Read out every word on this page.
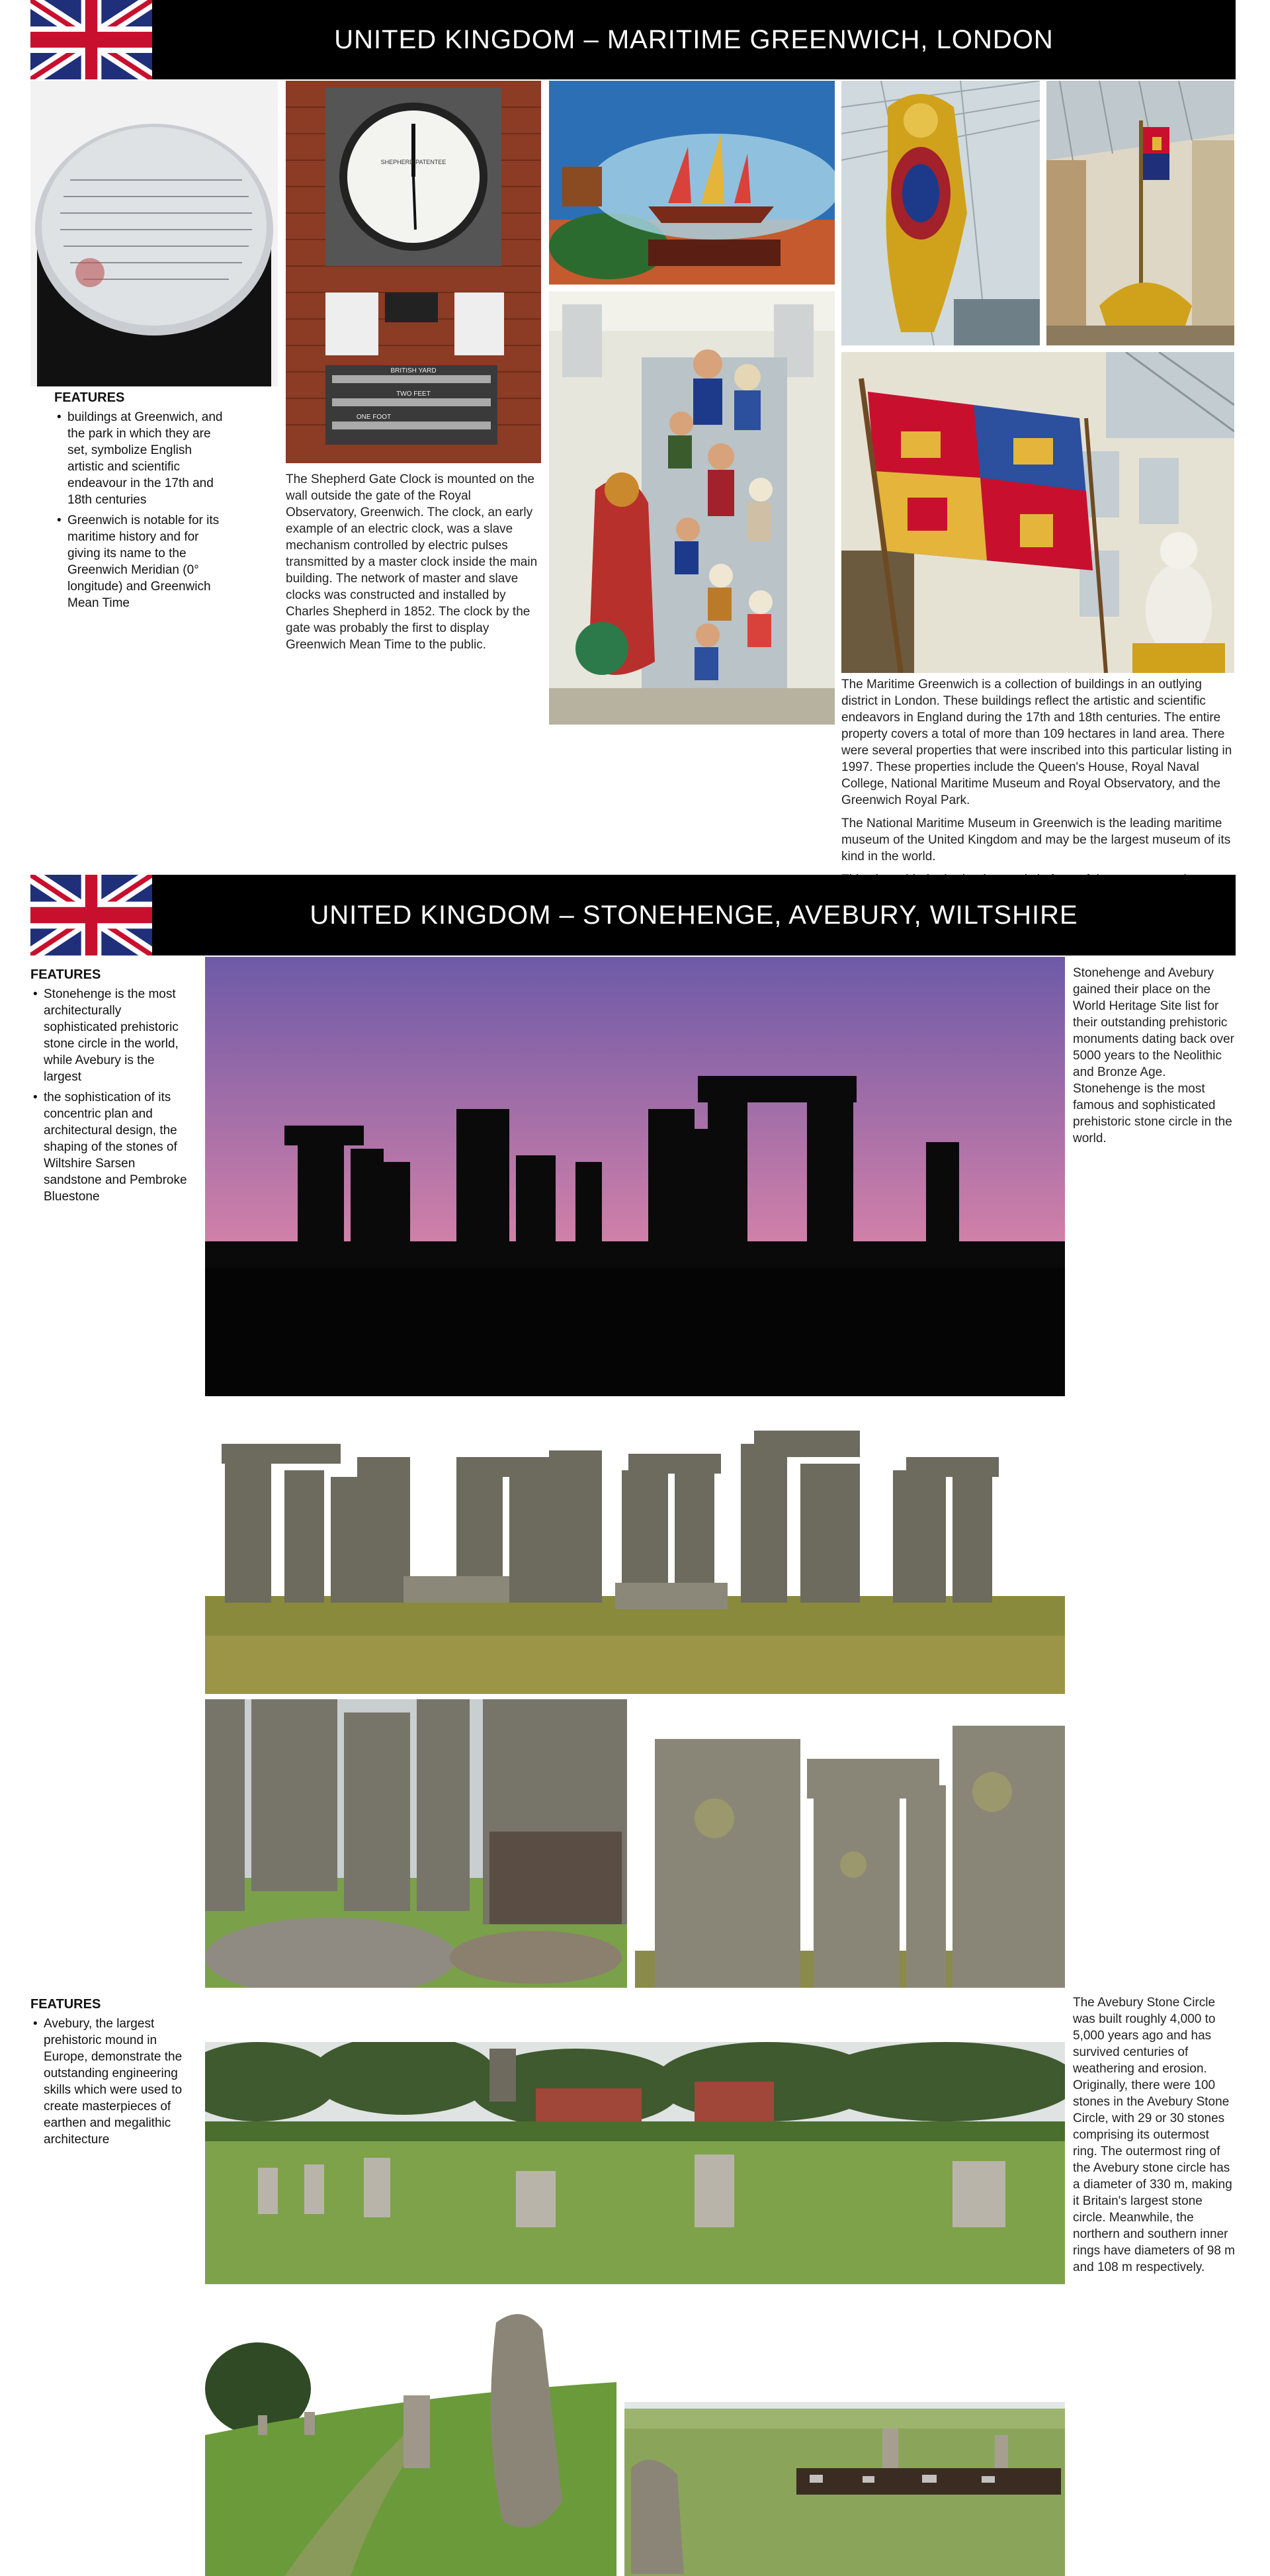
UNITED KINGDOM – MARITIME GREENWICH, LONDON
FEATURES
• buildings at Greenwich, and the park in which they are set, symbolize English artistic and scientific endeavour in the 17th and 18th centuries
• Greenwich is notable for its maritime history and for giving its name to the Greenwich Meridian (0° longitude) and Greenwich Mean Time
The Shepherd Gate Clock is mounted on the wall outside the gate of the Royal Observatory, Greenwich. The clock, an early example of an electric clock, was a slave mechanism controlled by electric pulses transmitted by a master clock inside the main building. The network of master and slave clocks was constructed and installed by Charles Shepherd in 1852. The clock by the gate was probably the first to display Greenwich Mean Time to the public.

The Maritime Greenwich is a collection of buildings in an outlying district in London. These buildings reflect the artistic and scientific endeavors in England during the 17th and 18th centuries. The entire property covers a total of more than 109 hectares in land area. There were several properties that were inscribed into this particular listing in 1997. These properties include the Queen's House, Royal Naval College, National Maritime Museum and Royal Observatory, and the Greenwich Royal Park.

The National Maritime Museum in Greenwich is the leading maritime museum of the United Kingdom and may be the largest museum of its kind in the world.

UNITED KINGDOM – STONEHENGE, AVEBURY, WILTSHIRE
FEATURES
• Stonehenge is the most architecturally sophisticated prehistoric stone circle in the world, while Avebury is the largest
• the sophistication of its concentric plan and architectural design, the shaping of the stones of Wiltshire Sarsen sandstone and Pembroke Bluestone
Stonehenge and Avebury gained their place on the World Heritage Site list for their outstanding prehistoric monuments dating back over 5000 years to the Neolithic and Bronze Age. Stonehenge is the most famous and sophisticated prehistoric stone circle in the world.
FEATURES
• Avebury, the largest prehistoric mound in Europe, demonstrate the outstanding engineering skills which were used to create masterpieces of earthen and megalithic architecture
The Avebury Stone Circle was built roughly 4,000 to 5,000 years ago and has survived centuries of weathering and erosion. Originally, there were 100 stones in the Avebury Stone Circle, with 29 or 30 stones comprising its outermost ring. The outermost ring of the Avebury stone circle has a diameter of 330 m, making it Britain's largest stone circle. Meanwhile, the northern and southern inner rings have diameters of 98 m and 108 m respectively.
SHEPHERD PATENTEE
BRITISH YARD
TWO FEET
ONE FOOT
